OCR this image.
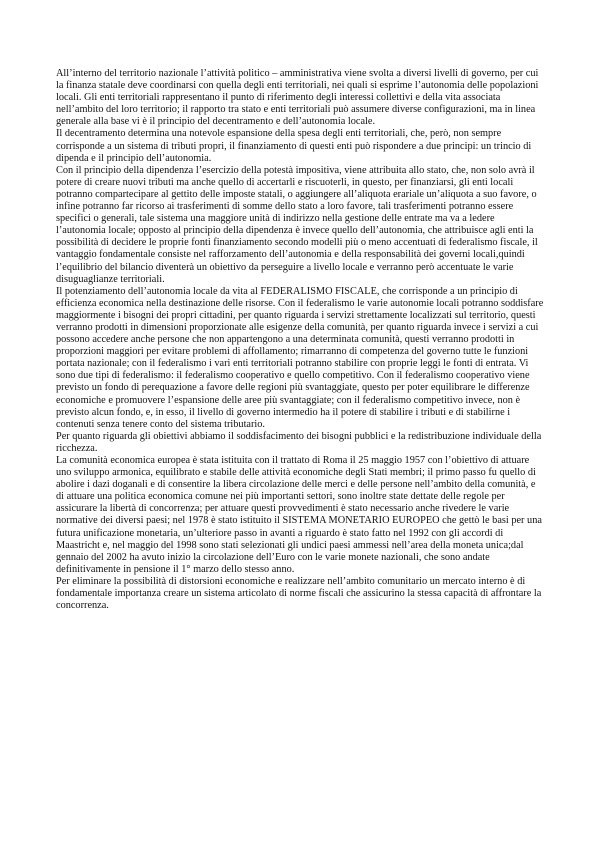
All’interno del territorio nazionale l’attività politico – amministrativa viene svolta a diversi livelli di governo, per cui la finanza statale deve coordinarsi con quella degli enti territoriali, nei quali si esprime l’autonomia delle popolazioni locali. Gli enti territoriali rappresentano il punto di riferimento degli interessi collettivi e della vita associata nell’ambito del loro territorio; il rapporto tra stato e enti territoriali può assumere diverse configurazioni, ma in linea generale alla base vi è il principio del decentramento e dell’autonomia locale.

Il decentramento determina una notevole espansione della spesa degli enti territoriali, che, però, non sempre corrisponde a un sistema di tributi propri, il finanziamento di questi enti può rispondere a due principi: un trincio di dipenda e il principio dell’autonomia.

Con il principio della dipendenza l’esercizio della potestà impositiva, viene attribuita allo stato, che, non solo avrà il potere di creare nuovi tributi ma anche quello di accertarli e riscuoterli, in questo, per finanziarsi, gli enti locali potranno compartecipare al gettito delle imposte statali, o aggiungere all’aliquota erariale un’aliquota a suo favore, o infine potranno far ricorso ai trasferimenti di somme dello stato a loro favore, tali trasferimenti potranno essere specifici o generali, tale sistema una maggiore unità di indirizzo nella gestione delle entrate ma va a ledere l’autonomia locale; opposto al principio della dipendenza è invece quello dell’autonomia, che attribuisce agli enti la possibilità di decidere le proprie fonti finanziamento secondo modelli più o meno accentuati di federalismo fiscale, il vantaggio fondamentale consiste nel rafforzamento dell’autonomia e della responsabilità dei governi locali,quindi l’equilibrio del bilancio diventerà un obiettivo da perseguire a livello locale e verranno però accentuate le varie disuguaglianze territoriali.

Il potenziamento dell’autonomia locale da vita al FEDERALISMO FISCALE, che corrisponde a un principio di efficienza economica nella destinazione delle risorse. Con il federalismo le varie autonomie locali potranno soddisfare maggiormente i bisogni dei propri cittadini, per quanto riguarda i servizi strettamente localizzati sul territorio, questi verranno prodotti in dimensioni proporzionate alle esigenze della comunità, per quanto riguarda invece i servizi a cui possono accedere anche persone che non appartengono a una determinata comunità, questi verranno prodotti in proporzioni maggiori per evitare problemi di affollamento; rimarranno di competenza del governo tutte le funzioni portata nazionale; con il federalismo i vari enti territoriali potranno stabilire con proprie leggi le fonti di entrata. Vi sono due tipi di federalismo: il federalismo cooperativo e quello competitivo. Con il federalismo cooperativo viene previsto un fondo di perequazione a favore delle regioni più svantaggiate, questo per poter equilibrare le differenze economiche e promuovere l’espansione delle aree più svantaggiate; con il federalismo competitivo invece, non è previsto alcun fondo, e, in esso, il livello di governo intermedio ha il potere di stabilire i tributi e di stabilirne i contenuti senza tenere conto del sistema tributario.

Per quanto riguarda gli obiettivi abbiamo il soddisfacimento dei bisogni pubblici e la redistribuzione individuale della ricchezza.

La comunità economica europea è stata istituita con il trattato di Roma il 25 maggio 1957 con l’obiettivo di attuare uno sviluppo armonica, equilibrato e stabile delle attività economiche degli Stati membri; il primo passo fu quello di abolire i dazi doganali e di consentire la libera circolazione delle merci e delle persone nell’ambito della comunità, e di attuare una politica economica comune nei più importanti settori, sono inoltre state dettate delle regole per assicurare la libertà di concorrenza; per attuare questi provvedimenti è stato necessario anche rivedere le varie normative dei diversi paesi; nel 1978 è stato istituito il SISTEMA MONETARIO EUROPEO che gettò le basi per una futura unificazione monetaria, un’ulteriore passo in avanti a riguardo è stato fatto nel 1992 con gli accordi di Maastricht e, nel maggio del 1998 sono stati selezionati gli undici paesi ammessi nell’area della moneta unica;dal gennaio del 2002 ha avuto inizio la circolazione dell’Euro con le varie monete nazionali, che sono andate definitivamente in pensione il 1° marzo dello stesso anno.

Per eliminare la possibilità di distorsioni economiche e realizzare nell’ambito comunitario un mercato interno è di fondamentale importanza creare un sistema articolato di norme fiscali che assicurino la stessa capacità di affrontare la concorrenza.
